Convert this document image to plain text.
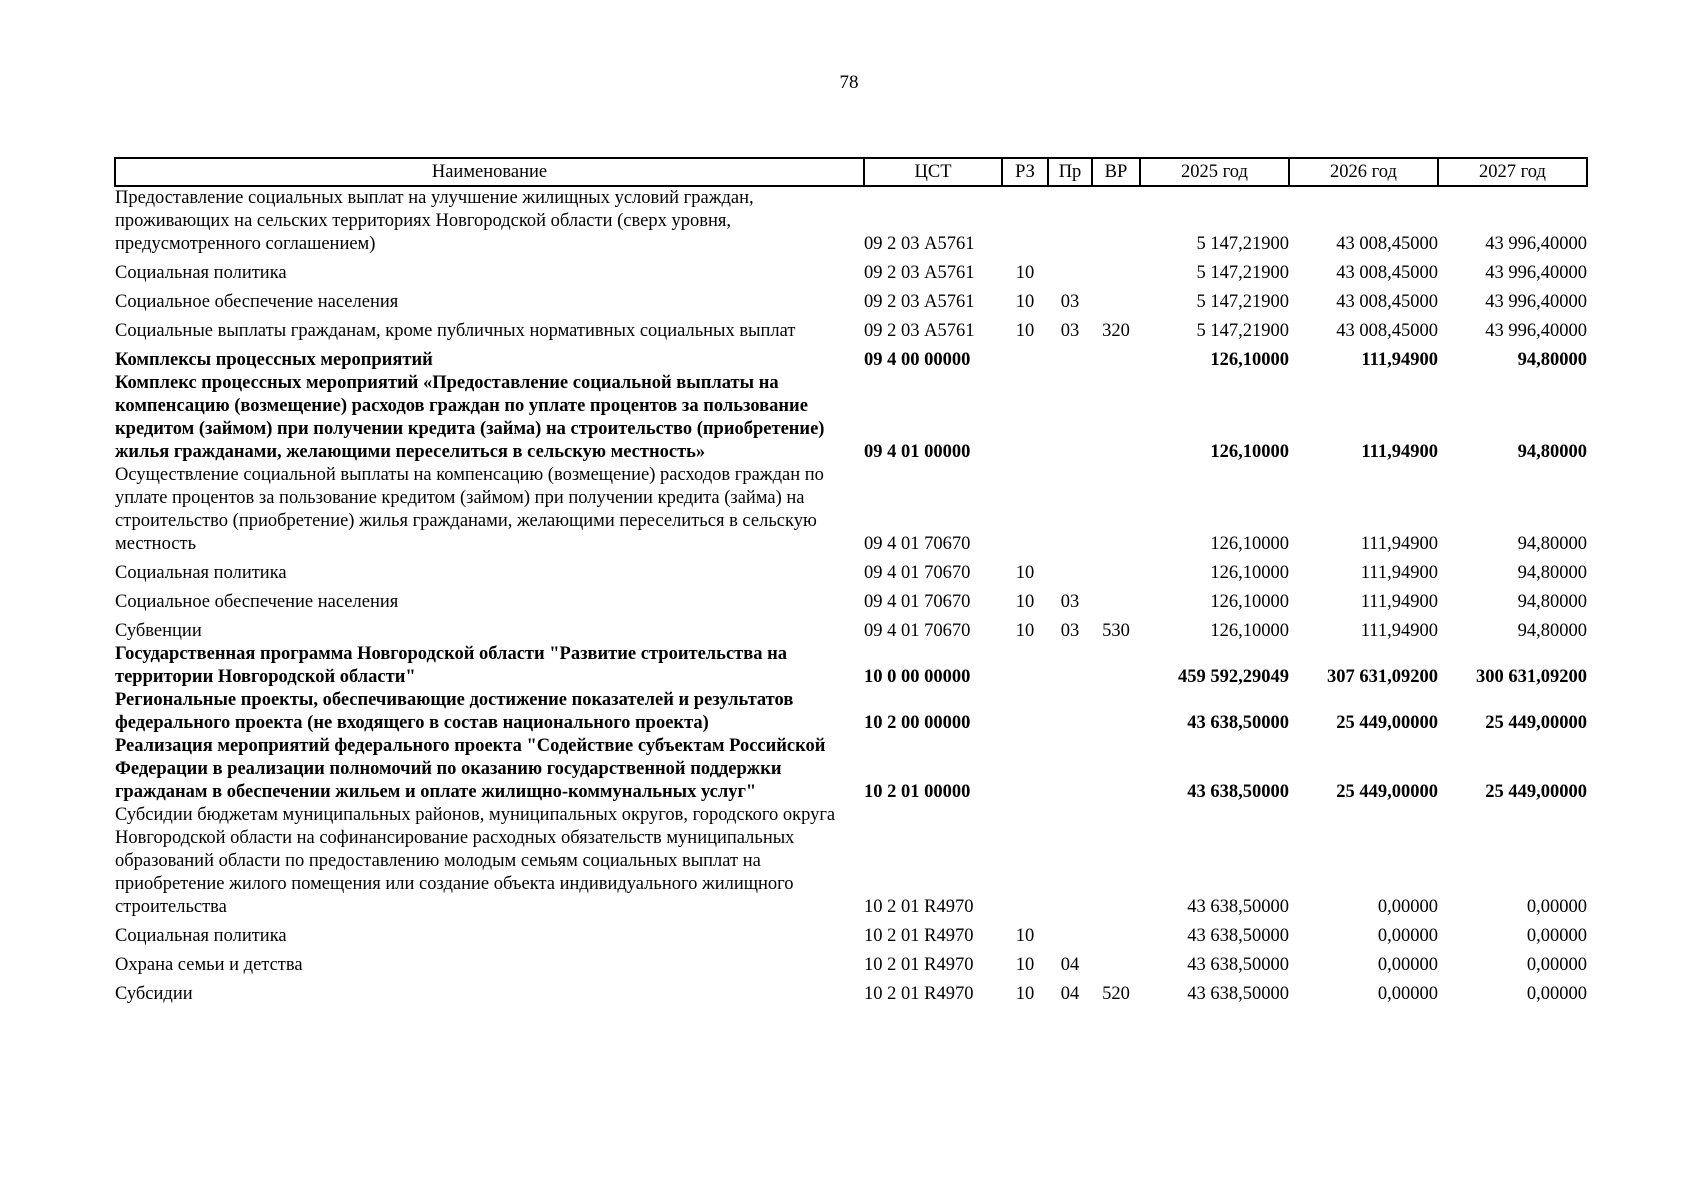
78
Наименование	ЦСТ	РЗ	Пр	ВР	2025 год	2026 год	2027 год
Предоставление социальных выплат на улучшение жилищных условий граждан, проживающих на сельских территориях Новгородской области (сверх уровня, предусмотренного соглашением)	09 2 03 А5761				5 147,21900	43 008,45000	43 996,40000
Социальная политика	09 2 03 А5761	10			5 147,21900	43 008,45000	43 996,40000
Социальное обеспечение населения	09 2 03 А5761	10	03		5 147,21900	43 008,45000	43 996,40000
Социальные выплаты гражданам, кроме публичных нормативных социальных выплат	09 2 03 А5761	10	03	320	5 147,21900	43 008,45000	43 996,40000
Комплексы процессных мероприятий	09 4 00 00000				126,10000	111,94900	94,80000
Комплекс процессных мероприятий «Предоставление социальной выплаты на компенсацию (возмещение) расходов граждан по уплате процентов за пользование кредитом (займом) при получении кредита (займа) на строительство (приобретение) жилья гражданами, желающими переселиться в сельскую местность»	09 4 01 00000				126,10000	111,94900	94,80000
Осуществление социальной выплаты на компенсацию (возмещение) расходов граждан по уплате процентов за пользование кредитом (займом) при получении кредита (займа) на строительство (приобретение) жилья гражданами, желающими переселиться в сельскую местность	09 4 01 70670				126,10000	111,94900	94,80000
Социальная политика	09 4 01 70670	10			126,10000	111,94900	94,80000
Социальное обеспечение населения	09 4 01 70670	10	03		126,10000	111,94900	94,80000
Субвенции	09 4 01 70670	10	03	530	126,10000	111,94900	94,80000
Государственная программа Новгородской области "Развитие строительства на территории Новгородской области"	10 0 00 00000				459 592,29049	307 631,09200	300 631,09200
Региональные проекты, обеспечивающие достижение показателей и результатов федерального проекта (не входящего в состав национального проекта)	10 2 00 00000				43 638,50000	25 449,00000	25 449,00000
Реализация мероприятий федерального проекта "Содействие субъектам Российской Федерации в реализации полномочий по оказанию государственной поддержки гражданам в обеспечении жильем и оплате жилищно-коммунальных услуг"	10 2 01 00000				43 638,50000	25 449,00000	25 449,00000
Субсидии бюджетам муниципальных районов, муниципальных округов, городского округа Новгородской области на софинансирование расходных обязательств муниципальных образований области по предоставлению молодым семьям социальных выплат на приобретение жилого помещения или создание объекта индивидуального жилищного строительства	10 2 01 R4970				43 638,50000	0,00000	0,00000
Социальная политика	10 2 01 R4970	10			43 638,50000	0,00000	0,00000
Охрана семьи и детства	10 2 01 R4970	10	04		43 638,50000	0,00000	0,00000
Субсидии	10 2 01 R4970	10	04	520	43 638,50000	0,00000	0,00000
